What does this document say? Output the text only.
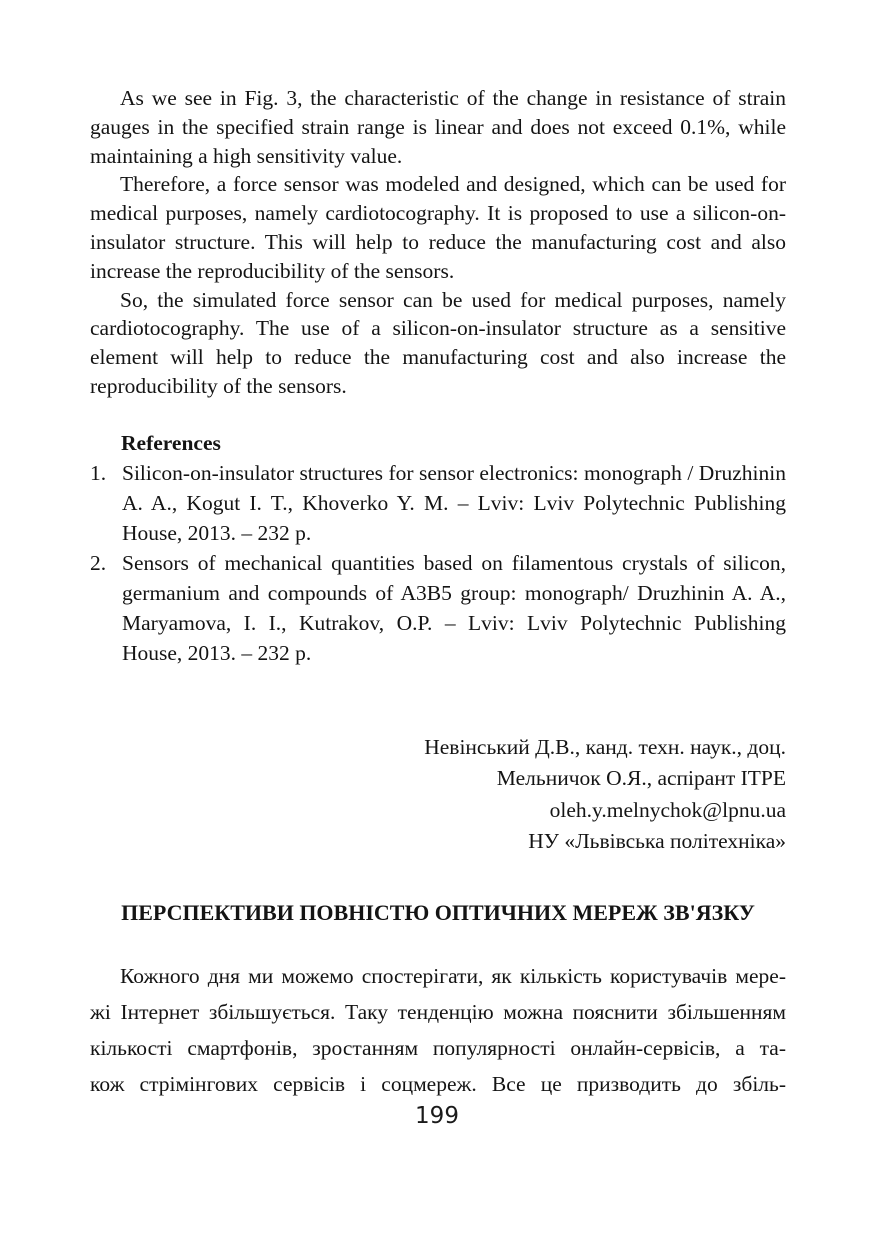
As we see in Fig. 3, the characteristic of the change in resistance of strain gauges in the specified strain range is linear and does not exceed 0.1%, while maintaining a high sensitivity value.

Therefore, a force sensor was modeled and designed, which can be used for medical purposes, namely cardiotocography. It is proposed to use a silicon-on-insulator structure. This will help to reduce the manufacturing cost and also increase the reproducibility of the sensors.

So, the simulated force sensor can be used for medical purposes, namely cardiotocography. The use of a silicon-on-insulator structure as a sensitive element will help to reduce the manufacturing cost and also increase the reproducibility of the sensors.

References
1. Silicon-on-insulator structures for sensor electronics: monograph / Druzhinin A. A., Kogut I. T., Khoverko Y. M. – Lviv: Lviv Polytechnic Publishing House, 2013. – 232 p.
2. Sensors of mechanical quantities based on filamentous crystals of silicon, germanium and compounds of A3B5 group: monograph/ Druzhinin A. A., Maryamova, I. I., Kutrakov, O.P. – Lviv: Lviv Polytechnic Publishing House, 2013. – 232 p.
Невінський Д.В., канд. техн. наук., доц.
Мельничок О.Я., аспірант ІТРЕ
oleh.y.melnychok@lpnu.ua
НУ «Львівська політехніка»
ПЕРСПЕКТИВИ ПОВНІСТЮ ОПТИЧНИХ МЕРЕЖ ЗВ'ЯЗКУ
Кожного дня ми можемо спостерігати, як кількість користувачів мере-
жі Інтернет збільшується. Таку тенденцію можна пояснити збільшенням
кількості смартфонів, зростанням популярності онлайн-сервісів, а та-
кож стрімінгових сервісів і соцмереж. Все це призводить до збіль-
199
